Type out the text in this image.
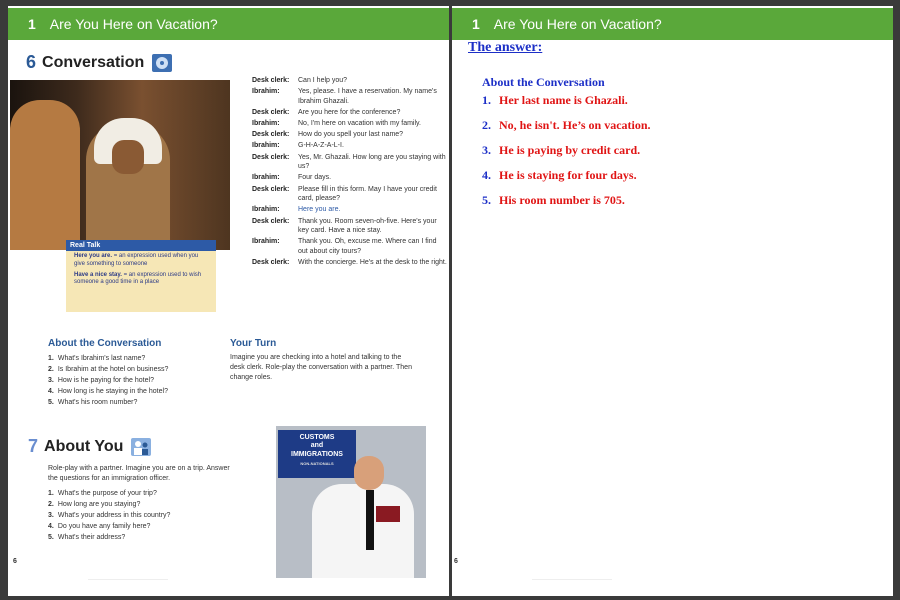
1 Are You Here on Vacation?
6 Conversation
Real Talk
Here you are. = an expression used when you give something to someone
Have a nice stay. = an expression used to wish someone a good time in a place
Desk clerk:	Can I help you?
Ibrahim:	Yes, please. I have a reservation. My name's Ibrahim Ghazali.
Desk clerk:	Are you here for the conference?
Ibrahim:	No, I'm here on vacation with my family.
Desk clerk:	How do you spell your last name?
Ibrahim:	G-H-A-Z-A-L-I.
Desk clerk:	Yes, Mr. Ghazali. How long are you staying with us?
Ibrahim:	Four days.
Desk clerk:	Please fill in this form. May I have your credit card, please?
Ibrahim:	Here you are.
Desk clerk:	Thank you. Room seven-oh-five. Here's your key card. Have a nice stay.
Ibrahim:	Thank you. Oh, excuse me. Where can I find out about city tours?
Desk clerk:	With the concierge. He's at the desk to the right.
About the Conversation
1. What's Ibrahim's last name?
2. Is Ibrahim at the hotel on business?
3. How is he paying for the hotel?
4. How long is he staying in the hotel?
5. What's his room number?
Your Turn
Imagine you are checking into a hotel and talking to the desk clerk. Role-play the conversation with a partner. Then change roles.
7 About You
Role-play with a partner. Imagine you are on a trip. Answer the questions for an immigration officer.
1. What's the purpose of your trip?
2. How long are you staying?
3. What's your address in this country?
4. Do you have any family here?
5. What's their address?
CUSTOMS
and
IMMIGRATIONS
NON-NATIONALS
6
1 Are You Here on Vacation?
The answer:
About the Conversation
1. Her last name is Ghazali.
2. No, he isn't. He’s on vacation.
3. He is paying by credit card.
4. He is staying for four days.
5. His room number is 705.
6
